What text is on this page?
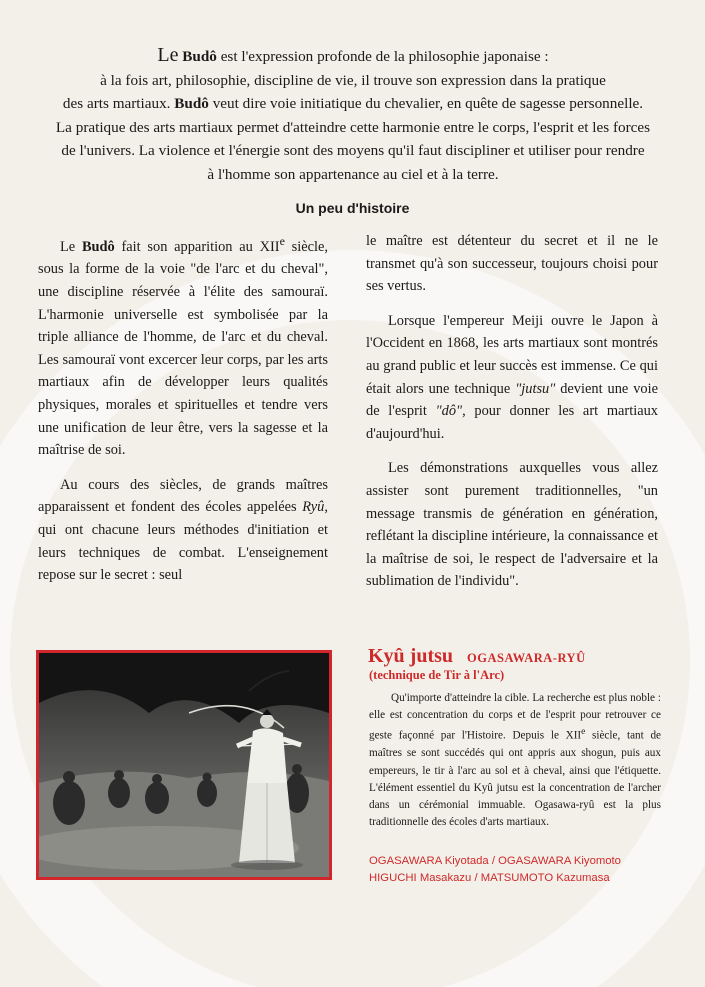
Le Budô est l'expression profonde de la philosophie japonaise :
à la fois art, philosophie, discipline de vie, il trouve son expression dans la pratique
des arts martiaux. Budô veut dire voie initiatique du chevalier, en quête de sagesse personnelle.
La pratique des arts martiaux permet d'atteindre cette harmonie entre le corps, l'esprit et les forces
de l'univers. La violence et l'énergie sont des moyens qu'il faut discipliner et utiliser pour rendre
à l'homme son appartenance au ciel et à la terre.
Un peu d'histoire

Le Budô fait son apparition au XIIe siècle, sous la forme de la voie "de l'arc et du cheval", une discipline réservée à l'élite des samouraï. L'harmonie universelle est symbolisée par la triple alliance de l'homme, de l'arc et du cheval. Les samouraï vont excercer leur corps, par les arts martiaux afin de développer leurs qualités physiques, morales et spirituelles et tendre vers une unification de leur être, vers la sagesse et la maîtrise de soi.

Au cours des siècles, de grands maîtres apparaissent et fondent des écoles appelées Ryû, qui ont chacune leurs méthodes d'initiation et leurs techniques de combat. L'enseignement repose sur le secret : seul

le maître est détenteur du secret et il ne le transmet qu'à son successeur, toujours choisi pour ses vertus.

Lorsque l'empereur Meiji ouvre le Japon à l'Occident en 1868, les arts martiaux sont montrés au grand public et leur succès est immense. Ce qui était alors une technique "jutsu" devient une voie de l'esprit "dô", pour donner les art martiaux d'aujourd'hui.

Les démonstrations auxquelles vous allez assister sont purement traditionnelles, "un message transmis de génération en génération, reflétant la discipline intérieure, la connaissance et la maîtrise de soi, le respect de l'adversaire et la sublimation de l'individu".

Kyû jutsu OGASAWARA-RYÛ
(technique de Tir à l'Arc)

Qu'importe d'atteindre la cible. La recherche est plus noble : elle est concentration du corps et de l'esprit pour retrouver ce geste façonné par l'Histoire. Depuis le XIIe siècle, tant de maîtres se sont succédés qui ont appris aux shogun, puis aux empereurs, le tir à l'arc au sol et à cheval, ainsi que l'étiquette. L'élément essentiel du Kyû jutsu est la concentration de l'archer dans un cérémonial immuable. Ogasawa-ryû est la plus traditionnelle des écoles d'arts martiaux.

OGASAWARA Kiyotada / OGASAWARA Kiyomoto
HIGUCHI Masakazu / MATSUMOTO Kazumasa
